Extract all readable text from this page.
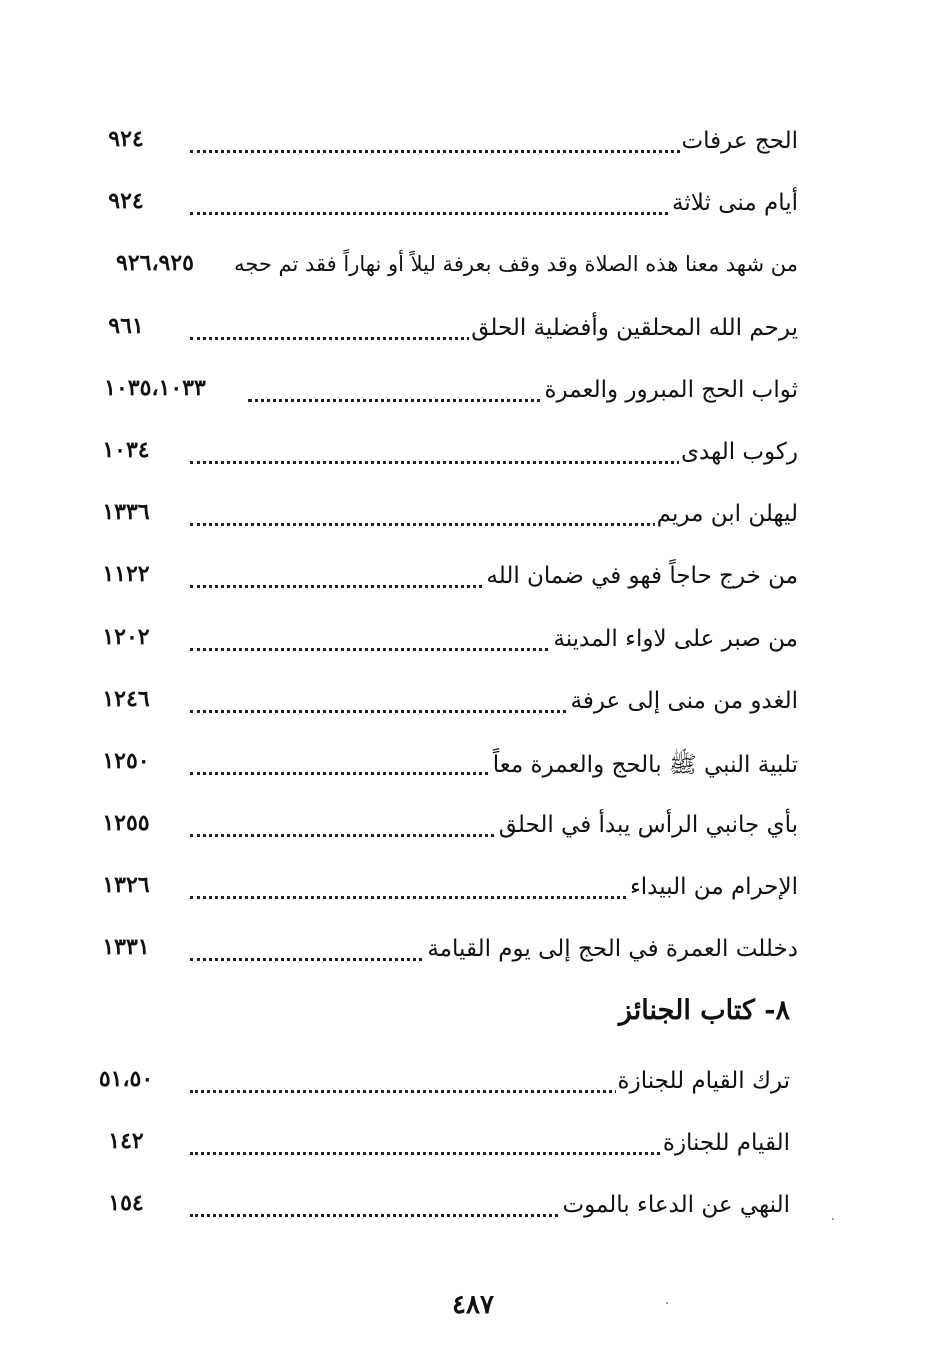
الحج عرفات
٩٢٤
أيام منى ثلاثة
٩٢٤
من شهد معنا هذه الصلاة وقد وقف بعرفة ليلاً أو نهاراً فقد تم حجه
٩٢٦،٩٢٥
يرحم الله المحلقين وأفضلية الحلق
٩٦١
ثواب الحج المبرور والعمرة
١٠٣٥،١٠٣٣
ركوب الهدى
١٠٣٤
ليهلن ابن مريم
١٣٣٦
من خرج حاجاً فهو في ضمان الله
١١٢٢
من صبر على لاواء المدينة
١٢٠٢
الغدو من منى إلى عرفة
١٢٤٦
تلبية النبي ﷺ بالحج والعمرة معاً
١٢٥٠
بأي جانبي الرأس يبدأ في الحلق
١٢٥٥
الإحرام من البيداء
١٣٢٦
دخللت العمرة في الحج إلى يوم القيامة
١٣٣١
٨- كتاب الجنائز
ترك القيام للجنازة
٥١،٥٠
القيام للجنازة
١٤٢
النهي عن الدعاء بالموت
١٥٤
٤٨٧
